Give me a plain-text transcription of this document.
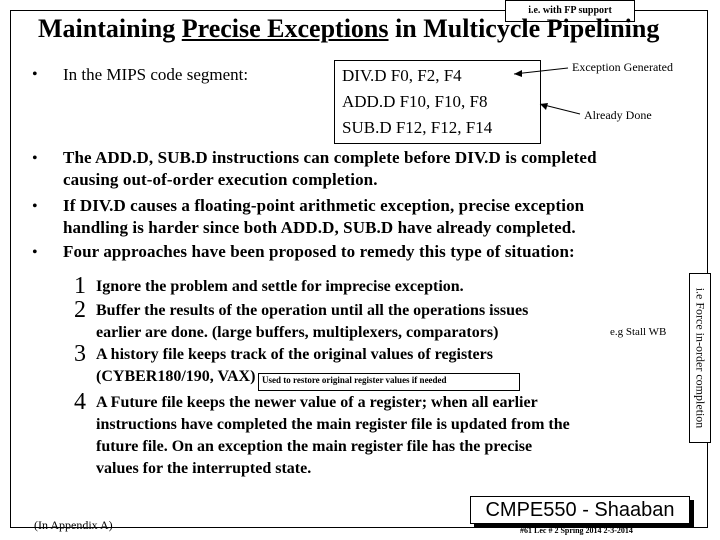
i.e. with FP support
Maintaining Precise Exceptions in Multicycle Pipelining
• In the MIPS code segment:	DIV.D F0, F2, F4
ADD.D F10, F10, F8
SUB.D F12, F12, F14
Exception Generated
Already Done
• The ADD.D, SUB.D instructions can complete before DIV.D is completed
causing out-of-order execution completion.
• If DIV.D causes a floating-point arithmetic exception, precise exception
handling is harder since both ADD.D, SUB.D have already completed.
• Four approaches have been proposed to remedy this type of situation:
1 Ignore the problem and settle for imprecise exception.
2 Buffer the results of the operation until all the operations issues
earlier are done. (large buffers, multiplexers, comparators)	e.g Stall WB
3 A history file keeps track of the original values of registers
(CYBER180/190, VAX) Used to restore original register values if needed
4 A Future file keeps the newer value of a register; when all earlier
instructions have completed the main register file is updated from the
future file. On an exception the main register file has the precise
values for the interrupted state.
i.e Force in-order completion
(In Appendix A)
CMPE550 - Shaaban
#61 Lec # 2 Spring 2014 2-3-2014
